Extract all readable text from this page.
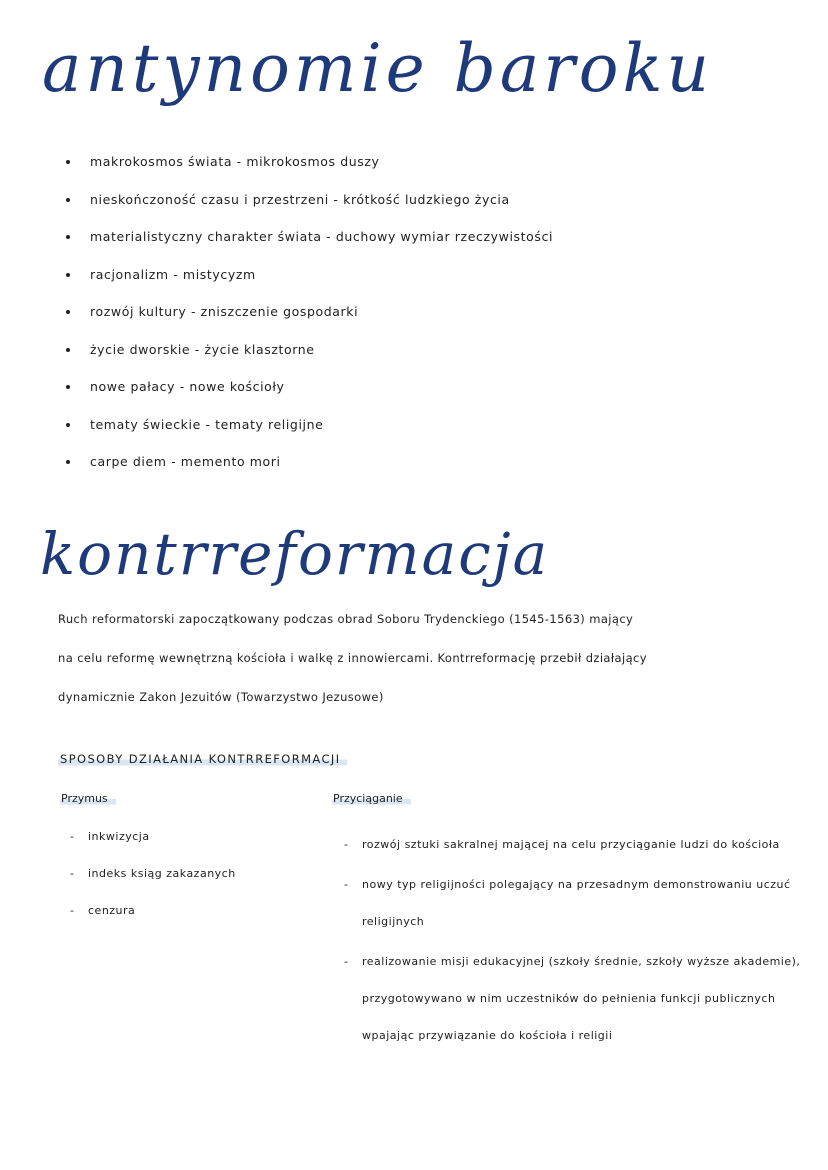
antynomie baroku
makrokosmos świata - mikrokosmos duszy
nieskończoność czasu i przestrzeni - krótkość ludzkiego życia
materialistyczny charakter świata - duchowy wymiar rzeczywistości
racjonalizm - mistycyzm
rozwój kultury - zniszczenie gospodarki
życie dworskie - życie klasztorne
nowe pałacy - nowe kościoły
tematy świeckie - tematy religijne
carpe diem - memento mori
kontrreformacja
Ruch reformatorski zapoczątkowany podczas obrad Soboru Trydenckiego (1545-1563) mający
na celu reformę wewnętrzną kościoła i walkę z innowiercami. Kontrreformację przebił działający
dynamicznie Zakon Jezuitów (Towarzystwo Jezusowe)
SPOSOBY DZIAŁANIA KONTRREFORMACJI
Przymus
- inkwizycja
- indeks ksiąg zakazanych
- cenzura
Przyciąganie
- rozwój sztuki sakralnej mającej na celu przyciąganie ludzi do kościoła
- nowy typ religijności polegający na przesadnym demonstrowaniu uczuć religijnych
- realizowanie misji edukacyjnej (szkoły średnie, szkoły wyższe akademie), przygotowywano w nim uczestników do pełnienia funkcji publicznych wpajając przywiązanie do kościoła i religii
